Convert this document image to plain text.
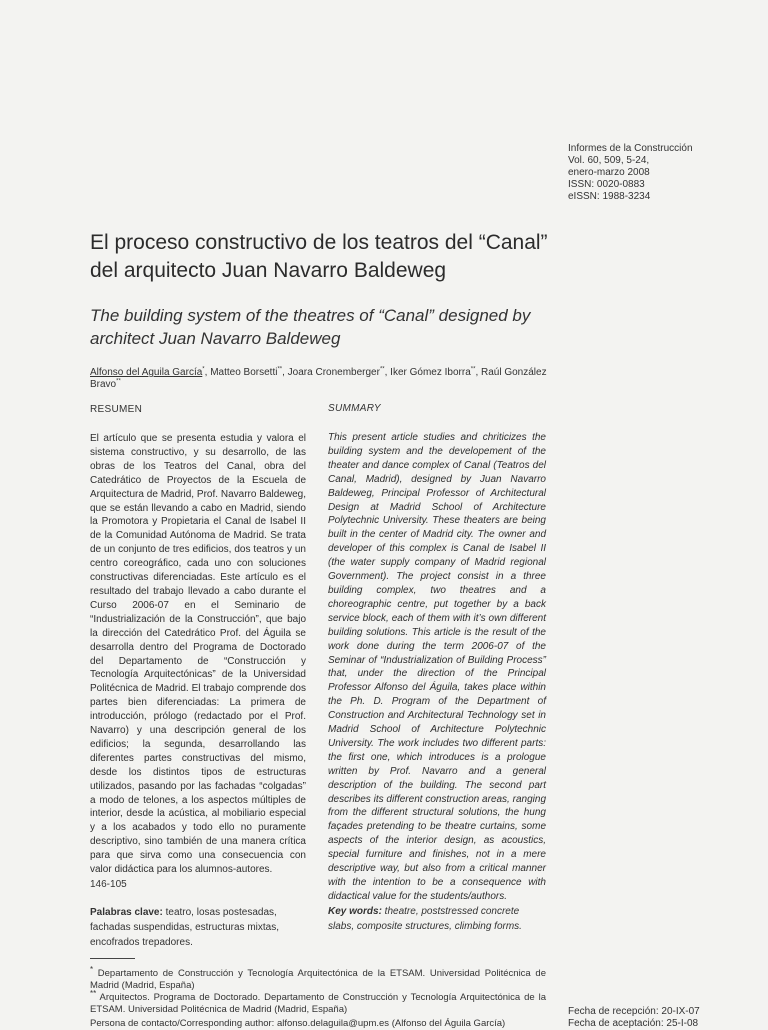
Informes de la Construcción
Vol. 60, 509, 5-24,
enero-marzo 2008
ISSN: 0020-0883
eISSN: 1988-3234
El proceso constructivo de los teatros del “Canal” del arquitecto Juan Navarro Baldeweg
The building system of the theatres of “Canal” designed by architect Juan Navarro Baldeweg
Alfonso del Aguila García*, Matteo Borsetti**, Joara Cronemberger**, Iker Gómez Iborra**, Raúl González Bravo**
RESUMEN	SUMMARY
El artículo que se presenta estudia y valora el sistema constructivo, y su desarrollo, de las obras de los Teatros del Canal, obra del Catedrático de Proyectos de la Escuela de Arquitectura de Madrid, Prof. Navarro Baldeweg, que se están llevando a cabo en Madrid, siendo la Promotora y Propietaria el Canal de Isabel II de la Comunidad Autónoma de Madrid. Se trata de un conjunto de tres edificios, dos teatros y un centro coreográfico, cada uno con soluciones constructivas diferenciadas. Este artículo es el resultado del trabajo llevado a cabo durante el Curso 2006-07 en el Seminario de “Industrialización de la Construcción”, que bajo la dirección del Catedrático Prof. del Águila se desarrolla dentro del Programa de Doctorado del Departamento de “Construcción y Tecnología Arquitectónicas” de la Universidad Politécnica de Madrid. El trabajo comprende dos partes bien diferenciadas: La primera de introducción, prólogo (redactado por el Prof. Navarro) y una descripción general de los edificios; la segunda, desarrollando las diferentes partes constructivas del mismo, desde los distintos tipos de estructuras utilizados, pasando por las fachadas “colgadas” a modo de telones, a los aspectos múltiples de interior, desde la acústica, al mobiliario especial y a los acabados y todo ello no puramente descriptivo, sino también de una manera crítica para que sirva como una consecuencia con valor didáctica para los alumnos-autores.
This present article studies and chriticizes the building system and the developement of the theater and dance complex of Canal (Teatros del Canal, Madrid), designed by Juan Navarro Baldeweg, Principal Professor of Architectural Design at Madrid School of Architecture Polytechnic University. These theaters are being built in the center of Madrid city. The owner and developer of this complex is Canal de Isabel II (the water supply company of Madrid regional Government). The project consist in a three building complex, two theatres and a choreographic centre, put together by a back service block, each of them with it’s own different building solutions. This article is the result of the work done during the term 2006-07 of the Seminar of “Industrialization of Building Process” that, under the direction of the Principal Professor Alfonso del Águila, takes place within the Ph. D. Program of the Department of Construction and Architectural Technology set in Madrid School of Architecture Polytechnic University. The work includes two different parts: the first one, which introduces is a prologue written by Prof. Navarro and a general description of the building. The second part describes its different construction areas, ranging from the different structural solutions, the hung façades pretending to be theatre curtains, some aspects of the interior design, as acoustics, special furniture and finishes, not in a mere descriptive way, but also from a critical manner with the intention to be a consequence with didactical value for the students/authors.
146-105
Palabras clave: teatro, losas postesadas, fachadas suspendidas, estructuras mixtas, encofrados trepadores.
Key words: theatre, poststressed concrete slabs, composite structures, climbing forms.
* Departamento de Construcción y Tecnología Arquitectónica de la ETSAM. Universidad Politécnica de Madrid (Madrid, España)
** Arquitectos. Programa de Doctorado. Departamento de Construcción y Tecnología Arquitectónica de la ETSAM. Universidad Politécnica de Madrid (Madrid, España)
Persona de contacto/Corresponding author: alfonso.delaguila@upm.es (Alfonso del Águila García)
Fecha de recepción: 20-IX-07
Fecha de aceptación: 25-I-08
